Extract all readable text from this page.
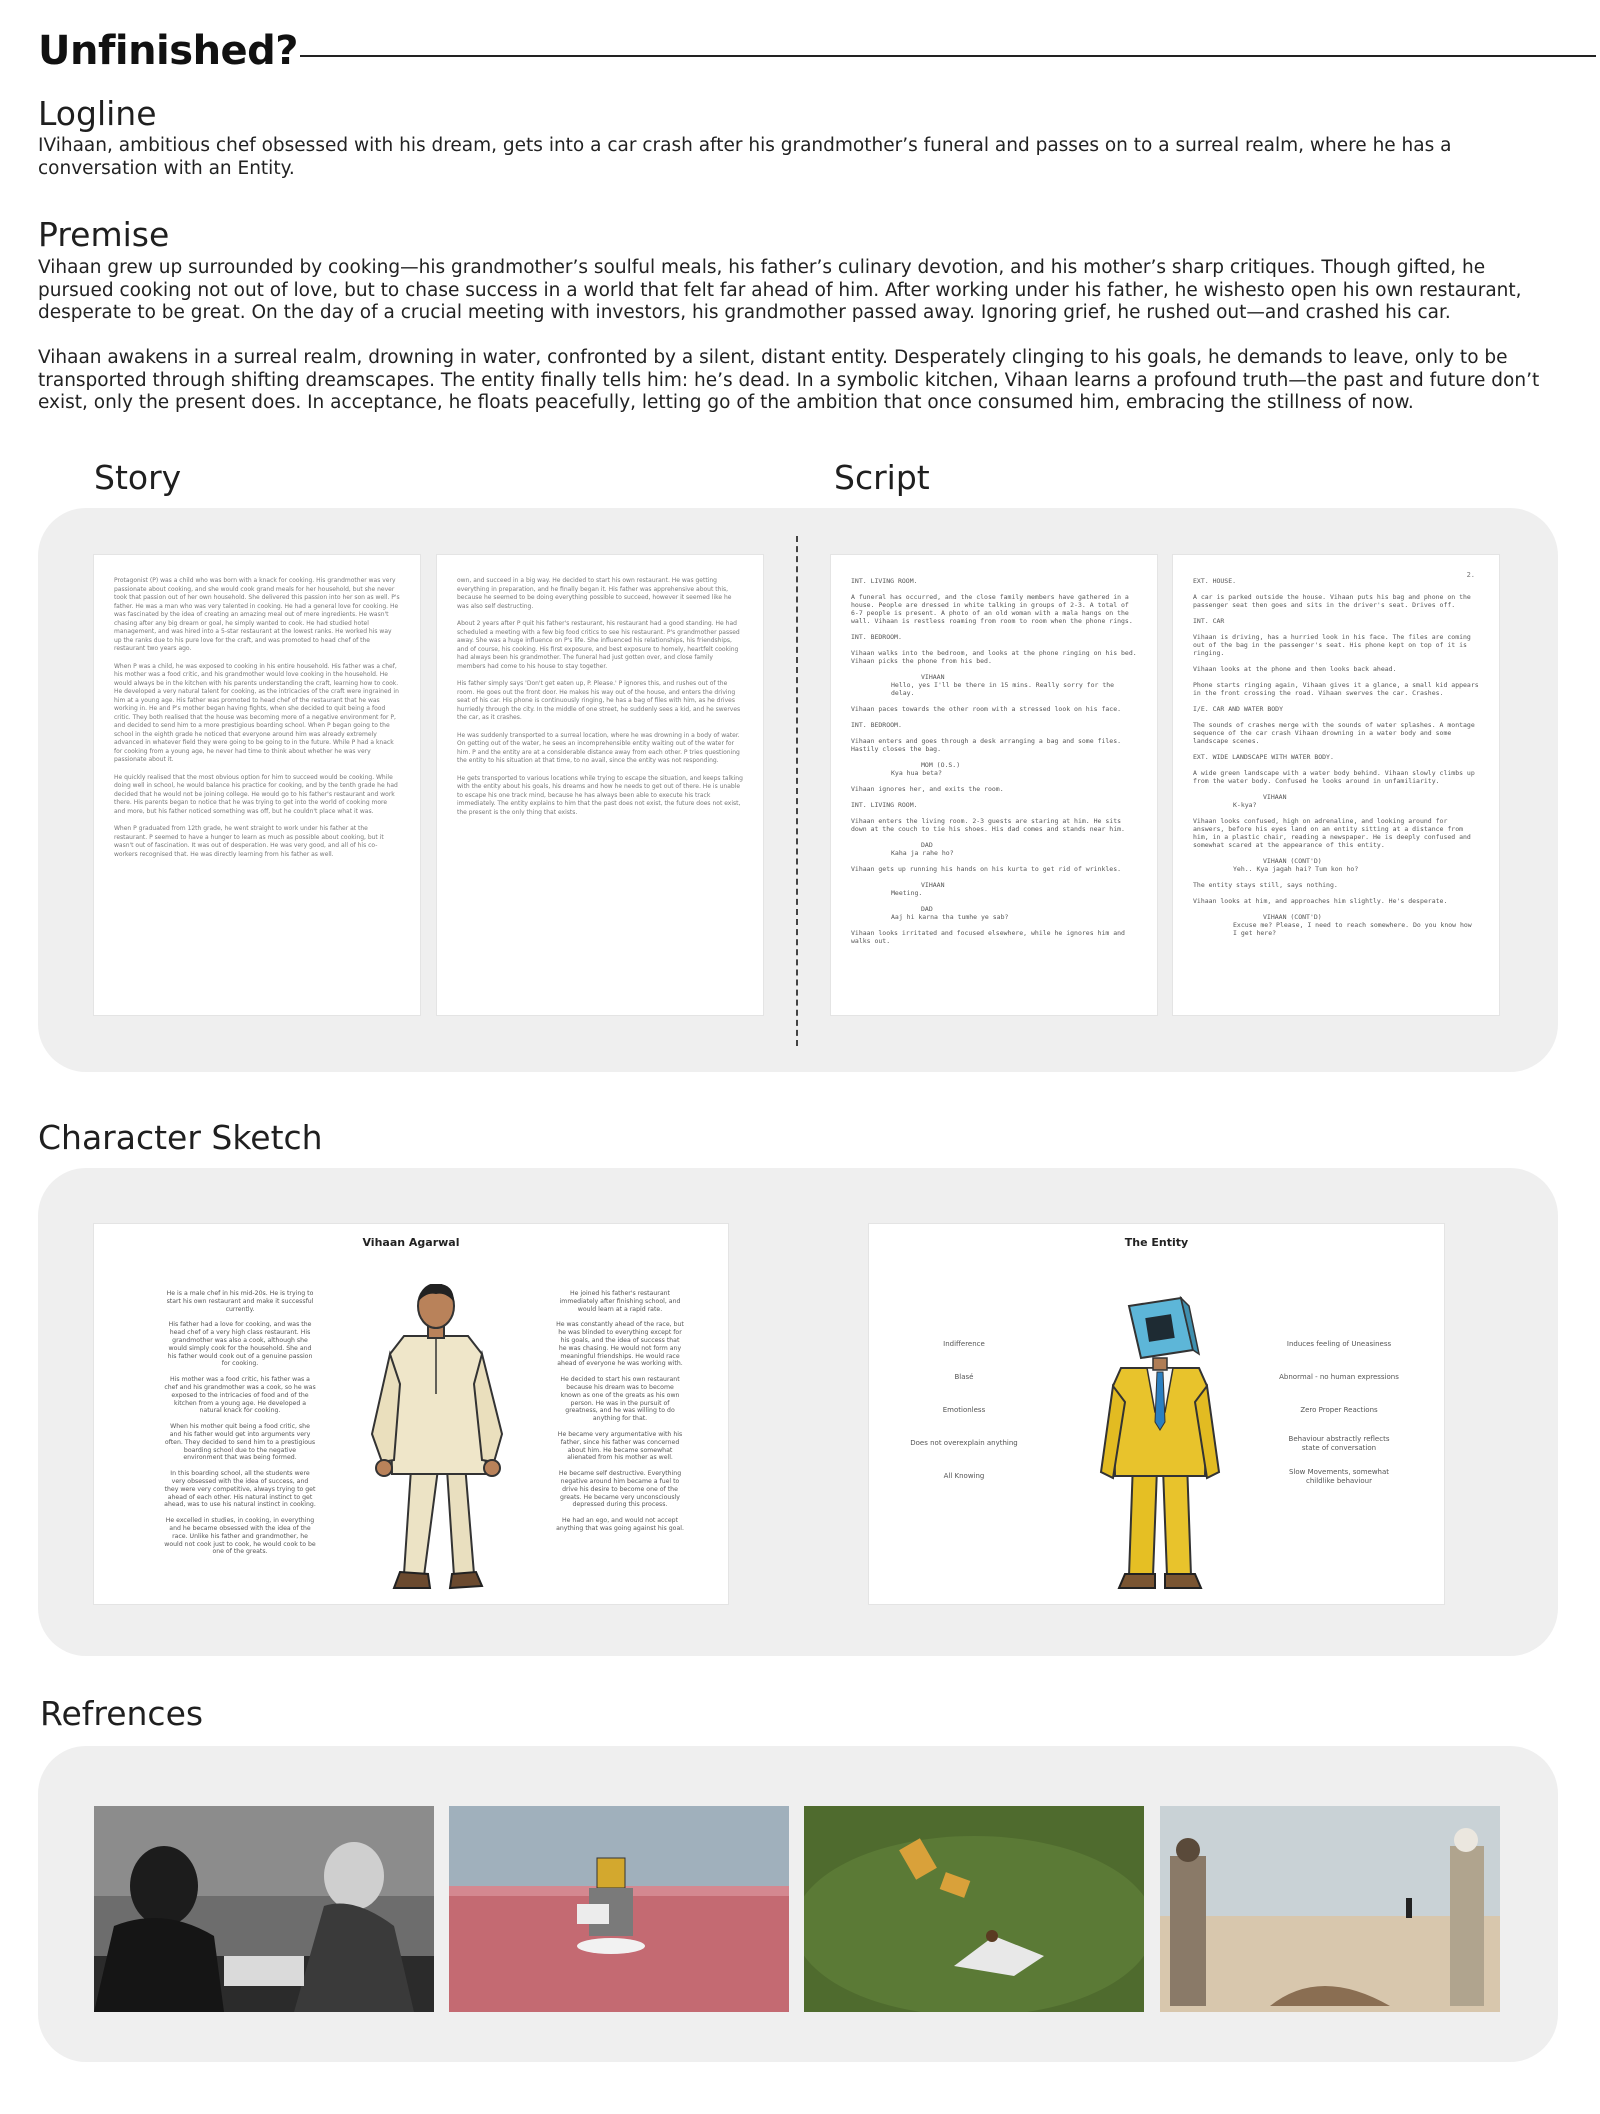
Unfinished?
Logline
IVihaan, ambitious chef obsessed with his dream, gets into a car crash after his grandmother’s funeral and passes on to a surreal realm, where he has a conversation with an Entity.
Premise
Vihaan grew up surrounded by cooking—his grandmother’s soulful meals, his father’s culinary devotion, and his mother’s sharp critiques. Though gifted, he pursued cooking not out of love, but to chase success in a world that felt far ahead of him. After working under his father, he wishesto open his own restaurant, desperate to be great. On the day of a crucial meeting with investors, his grandmother passed away. Ignoring grief, he rushed out—and crashed his car.
Vihaan awakens in a surreal realm, drowning in water, confronted by a silent, distant entity. Desperately clinging to his goals, he demands to leave, only to be transported through shifting dreamscapes. The entity finally tells him: he’s dead. In a symbolic kitchen, Vihaan learns a profound truth—the past and future don’t exist, only the present does. In acceptance, he floats peacefully, letting go of the ambition that once consumed him, embracing the stillness of now.
Story	Script

Protagonist (P) was a child who was born with a knack for cooking. His grandmother was very passionate about cooking, and she would cook grand meals for her household, but she never took that passion out of her own household. She delivered this passion into her son as well. P's father. He was a man who was very talented in cooking. He had a general love for cooking. He was fascinated by the idea of creating an amazing meal out of mere ingredients. He wasn't chasing after any big dream or goal, he simply wanted to cook. He had studied hotel management, and was hired into a 5-star restaurant at the lowest ranks. He worked his way up the ranks due to his pure love for the craft, and was promoted to head chef of the restaurant two years ago.

When P was a child, he was exposed to cooking in his entire household. His father was a chef, his mother was a food critic, and his grandmother would love cooking in the household. He would always be in the kitchen with his parents understanding the craft, learning how to cook. He developed a very natural talent for cooking, as the intricacies of the craft were ingrained in him at a young age. His father was promoted to head chef of the restaurant that he was working in. He and P's mother began having fights, when she decided to quit being a food critic. They both realised that the house was becoming more of a negative environment for P, and decided to send him to a more prestigious boarding school. When P began going to the school in the eighth grade he noticed that everyone around him was already extremely advanced in whatever field they were going to be going to in the future. While P had a knack for cooking from a young age, he never had time to think about whether he was very passionate about it.

He quickly realised that the most obvious option for him to succeed would be cooking. While doing well in school, he would balance his practice for cooking, and by the tenth grade he had decided that he would not be joining college. He would go to his father's restaurant and work there. His parents began to notice that he was trying to get into the world of cooking more and more, but his father noticed something was off, but he couldn't place what it was.

When P graduated from 12th grade, he went straight to work under his father at the restaurant. P seemed to have a hunger to learn as much as possible about cooking, but it wasn't out of fascination. It was out of desperation. He was very good, and all of his co-workers recognised that. He was directly learning from his father as well.

own, and succeed in a big way. He decided to start his own restaurant. He was getting everything in preparation, and he finally began it. His father was apprehensive about this, because he seemed to be doing everything possible to succeed, however it seemed like he was also self destructing.

About 2 years after P quit his father's restaurant, his restaurant had a good standing. He had scheduled a meeting with a few big food critics to see his restaurant. P's grandmother passed away. She was a huge influence on P's life. She influenced his relationships, his friendships, and of course, his cooking. His first exposure, and best exposure to homely, heartfelt cooking had always been his grandmother. The funeral had just gotten over, and close family members had come to his house to stay together.

His father simply says 'Don't get eaten up, P. Please.' P ignores this, and rushes out of the room. He goes out the front door. He makes his way out of the house, and enters the driving seat of his car. His phone is continuously ringing, he has a bag of files with him, as he drives hurriedly through the city. In the middle of one street, he suddenly sees a kid, and he swerves the car, as it crashes.

He was suddenly transported to a surreal location, where he was drowning in a body of water. On getting out of the water, he sees an incomprehensible entity waiting out of the water for him. P and the entity are at a considerable distance away from each other. P tries questioning the entity to his situation at that time, to no avail, since the entity was not responding.

He gets transported to various locations while trying to escape the situation, and keeps talking with the entity about his goals, his dreams and how he needs to get out of there. He is unable to escape his one track mind, because he has always been able to execute his track immediately. The entity explains to him that the past does not exist, the future does not exist, the present is the only thing that exists.

INT. LIVING ROOM.

A funeral has occurred, and the close family members have gathered in a house. People are dressed in white talking in groups of 2-3. A total of 6-7 people is present. A photo of an old woman with a mala hangs on the wall. Vihaan is restless roaming from room to room when the phone rings.

INT. BEDROOM.

Vihaan walks into the bedroom, and looks at the phone ringing on his bed. Vihaan picks the phone from his bed.

VIHAAN

Hello, yes I'll be there in 15 mins. Really sorry for the delay.

Vihaan paces towards the other room with a stressed look on his face.

INT. BEDROOM.

Vihaan enters and goes through a desk arranging a bag and some files. Hastily closes the bag.

MOM (O.S.)

Kya hua beta?

Vihaan ignores her, and exits the room.

INT. LIVING ROOM.

Vihaan enters the living room. 2-3 guests are staring at him. He sits down at the couch to tie his shoes. His dad comes and stands near him.

DAD

Kaha ja rahe ho?

Vihaan gets up running his hands on his kurta to get rid of wrinkles.

VIHAAN

Meeting.

DAD

Aaj hi karna tha tumhe ye sab?

Vihaan looks irritated and focused elsewhere, while he ignores him and walks out.

2.

EXT. HOUSE.

A car is parked outside the house. Vihaan puts his bag and phone on the passenger seat then goes and sits in the driver's seat. Drives off.

INT. CAR

Vihaan is driving, has a hurried look in his face. The files are coming out of the bag in the passenger's seat. His phone kept on top of it is ringing.

Vihaan looks at the phone and then looks back ahead.

Phone starts ringing again, Vihaan gives it a glance, a small kid appears in the front crossing the road. Vihaan swerves the car. Crashes.

I/E. CAR AND WATER BODY

The sounds of crashes merge with the sounds of water splashes. A montage sequence of the car crash Vihaan drowning in a water body and some landscape scenes.

EXT. WIDE LANDSCAPE WITH WATER BODY.

A wide green landscape with a water body behind. Vihaan slowly climbs up from the water body. Confused he looks around in unfamiliarity.

VIHAAN

K-kya?

Vihaan looks confused, high on adrenaline, and looking around for answers, before his eyes land on an entity sitting at a distance from him, in a plastic chair, reading a newspaper. He is deeply confused and somewhat scared at the appearance of this entity.

VIHAAN (CONT'D)

Yeh.. Kya jagah hai? Tum kon ho?

The entity stays still, says nothing.

Vihaan looks at him, and approaches him slightly. He's desperate.

VIHAAN (CONT'D)

Excuse me? Please, I need to reach somewhere. Do you know how I get here?

Character Sketch
Vihaan Agarwal

He is a male chef in his mid-20s. He is trying to start his own restaurant and make it successful currently.

His father had a love for cooking, and was the head chef of a very high class restaurant. His grandmother was also a cook, although she would simply cook for the household. She and his father would cook out of a genuine passion for cooking.

His mother was a food critic, his father was a chef and his grandmother was a cook, so he was exposed to the intricacies of food and of the kitchen from a young age. He developed a natural knack for cooking.

When his mother quit being a food critic, she and his father would get into arguments very often. They decided to send him to a prestigious boarding school due to the negative environment that was being formed.

In this boarding school, all the students were very obsessed with the idea of success, and they were very competitive, always trying to get ahead of each other. His natural instinct to get ahead, was to use his natural instinct in cooking.

He excelled in studies, in cooking, in everything and he became obsessed with the idea of the race. Unlike his father and grandmother, he would not cook just to cook, he would cook to be one of the greats.

He joined his father's restaurant immediately after finishing school, and would learn at a rapid rate.

He was constantly ahead of the race, but he was blinded to everything except for his goals, and the idea of success that he was chasing. He would not form any meaningful friendships. He would race ahead of everyone he was working with.

He decided to start his own restaurant because his dream was to become known as one of the greats as his own person. He was in the pursuit of greatness, and he was willing to do anything for that.

He became very argumentative with his father, since his father was concerned about him. He became somewhat alienated from his mother as well.

He became self destructive. Everything negative around him became a fuel to drive his desire to become one of the greats. He became very unconsciously depressed during this process.

He had an ego, and would not accept anything that was going against his goal.

The Entity
Indifference
Blasé
Emotionless
Does not overexplain anything
All Knowing
Induces feeling of Uneasiness
Abnormal - no human expressions
Zero Proper Reactions
Behaviour abstractly reflects state of conversation
Slow Movements, somewhat childlike behaviour
Refrences
